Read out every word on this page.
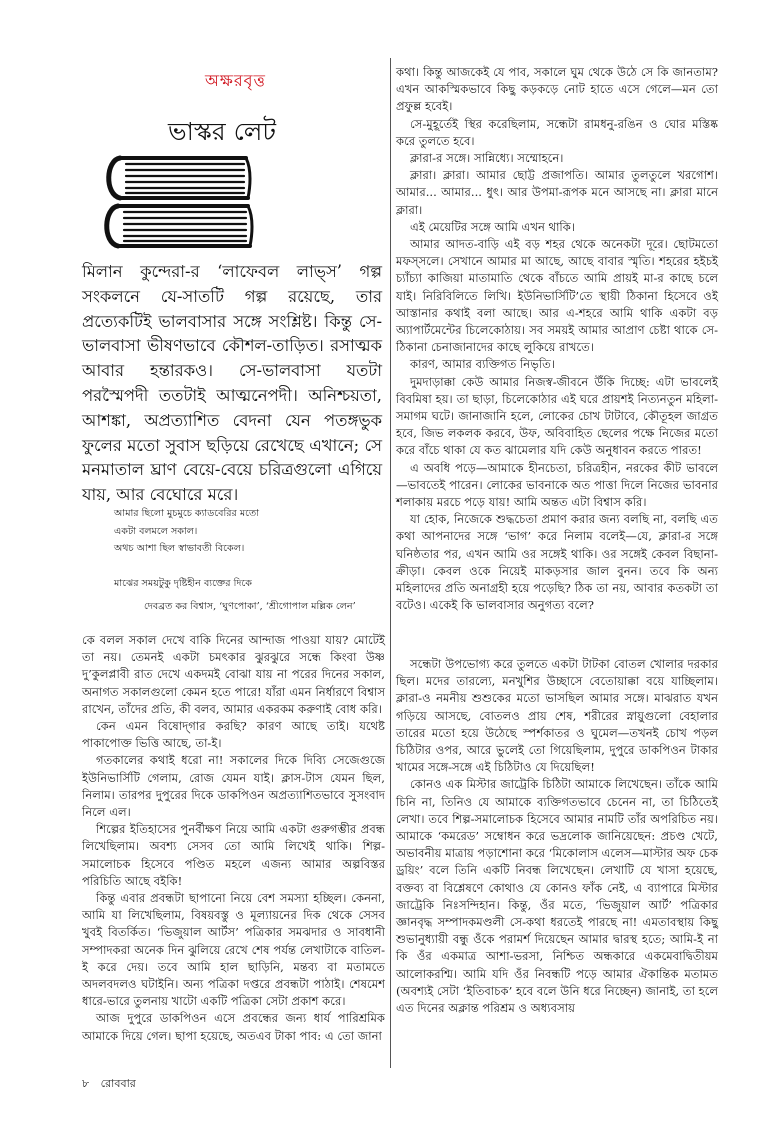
অক্ষরবৃত্ত
ভাস্কর লেট

মিলান কুন্দেরা-র ‘লাফেবল লাভ্‌স’ গল্প সংকলনে যে-সাতটি গল্প রয়েছে, তার প্রত্যেকটিই ভালবাসার সঙ্গে সংশ্লিষ্ট। কিন্তু সে-ভালবাসা ভীষণভাবে কৌশল-তাড়িত। রসাত্মক আবার হন্তারকও। সে-ভালবাসা যতটা পরস্মৈপদী ততটাই আত্মনেপদী। অনিশ্চয়তা, আশঙ্কা, অপ্রত্যাশিত বেদনা যেন পতঙ্গভুক ফুলের মতো সুবাস ছড়িয়ে রেখেছে এখানে; সে মনমাতাল ঘ্রাণ বেয়ে-বেয়ে চরিত্রগুলো এগিয়ে যায়, আর বেঘোরে মরে।

আমার ছিলো মুচমুচে ক্যাডবেরির মতো
একটা বলমলে সকাল।
অথচ আশা ছিল স্বাভাবতী বিকেল।
মাঝের সময়টুকু দৃষ্টিহীন ব্যক্তের দিকে
দেবব্রত কর বিশ্বাস, ‘ঘুণপোকা’, ‘শ্রীগোপাল মল্লিক লেন’

কে বলল সকাল দেখে বাকি দিনের আন্দাজ পাওয়া যায়? মোটেই তা নয়। তেমনই একটা চমৎকার ঝুরঝুরে সন্ধে কিংবা উষ্ণ দু’কুলপ্লাবী রাত দেখে একদমই বোঝা যায় না পরের দিনের সকাল, অনাগত সকালগুলো কেমন হতে পারে! যাঁরা এমন নির্ধারণে বিশ্বাস রাখেন, তাঁদের প্রতি, কী বলব, আমার একরকম করুণাই বোধ করি।

কেন এমন বিষোদ্‌গার করছি? কারণ আছে তাই। যথেষ্ট পাকাপোক্ত ভিত্তি আছে, তা-ই।

গতকালের কথাই ধরো না! সকালের দিকে দিব্যি সেজেগুজে ইউনিভার্সিটি গেলাম, রোজ যেমন যাই। ক্লাস-টাস যেমন ছিল, নিলাম। তারপর দুপুরের দিকে ডাকপিওন অপ্রত্যাশিতভাবে সুসংবাদ নিলে এল।

শিল্পের ইতিহাসের পুনর্বীক্ষণ নিয়ে আমি একটা গুরুগম্ভীর প্রবন্ধ লিখেছিলাম। অবশ্য সেসব তো আমি লিখেই থাকি। শিল্প-সমালোচক হিসেবে পণ্ডিত মহলে এজন্য আমার অল্পবিস্তর পরিচিতি আছে বইকি!

কিন্তু এবার প্রবন্ধটা ছাপানো নিয়ে বেশ সমস্যা হচ্ছিল। কেননা, আমি যা লিখেছিলাম, বিষয়বস্তু ও মূল্যায়নের দিক থেকে সেসব খুবই বিতর্কিত। ‘ভিজুয়াল আর্টস’ পত্রিকার সমঝদার ও সাবধানী সম্পাদকরা অনেক দিন ঝুলিয়ে রেখে শেষ পর্যন্ত লেখাটাকে বাতিল-ই করে দেয়। তবে আমি হাল ছাড়িনি, মন্তব্য বা মতামতে অদলবদলও ঘটাইনি। অন্য পত্রিকা দপ্তরে প্রবন্ধটা পাঠাই। শেষমেশ ধারে-ভারে তুলনায় খাটো একটি পত্রিকা সেটা প্রকাশ করে।

আজ দুপুরে ডাকপিওন এসে প্রবন্ধের জন্য ধার্য পারিশ্রমিক আমাকে দিয়ে গেল। ছাপা হয়েছে, অতএব টাকা পাব: এ তো জানা

কথা। কিন্তু আজকেই যে পাব, সকালে ঘুম থেকে উঠে সে কি জানতাম? এখন আকস্মিকভাবে কিছু কড়কড়ে নোট হাতে এসে গেলে—মন তো প্রফুল্ল হবেই।

সে-মুহূর্তেই স্থির করেছিলাম, সন্ধেটা রামধনু-রঙিন ও ঘোর মস্তিষ্ক করে তুলতে হবে।

ক্লারা-র সঙ্গে। সান্নিধ্যে। সম্মোহনে।

ক্লারা। ক্লারা। আমার ছোট্ট প্রজাপতি। আমার তুলতুলে খরগোশ। আমার... আমার... ধুৎ। আর উপমা-রূপক মনে আসছে না। ক্লারা মানে ক্লারা।

এই মেয়েটির সঙ্গে আমি এখন থাকি।

আমার আদত-বাড়ি এই বড় শহর থেকে অনেকটা দূরে। ছোটমতো মফস্‌সলে। সেখানে আমার মা আছে, আছে বাবার স্মৃতি। শহরের হইচই চ্যাঁচ্যা কাজিয়া মাতামাতি থেকে বাঁচতে আমি প্রায়ই মা-র কাছে চলে যাই। নিরিবিলিতে লিখি। ইউনিভার্সিটি’তে স্থায়ী ঠিকানা হিসেবে ওই আস্তানার কথাই বলা আছে। আর এ-শহরে আমি থাকি একটা বড় অ্যাপার্টমেন্টের চিলেকোঠায়। সব সময়ই আমার আপ্রাণ চেষ্টা থাকে সে-ঠিকানা চেনাজানাদের কাছে লুকিয়ে রাখতে।

কারণ, আমার ব্যক্তিগত নিভৃতি।

দুমদাড়াক্কা কেউ আমার নিজস্ব-জীবনে উঁকি দিচ্ছে: এটা ভাবলেই বিবমিষা হয়। তা ছাড়া, চিলেকোঠার এই ঘরে প্রায়শই নিত্যনতুন মহিলা-সমাগম ঘটে। জানাজানি হলে, লোকের চোখ টাটাবে, কৌতূহল জাগ্রত হবে, জিভ লকলক করবে, উফ, অবিবাহিত ছেলের পক্ষে নিজের মতো করে বাঁচে থাকা যে কত ঝামেলার যদি কেউ অনুধাবন করতে পারত!

এ অবধি পড়ে—আমাকে হীনচেতা, চরিত্রহীন, নরকের কীট ভাবলে—ভাবতেই পারেন। লোকের ভাবনাকে অত পাত্তা দিলে নিজের ভাবনার শলাকায় মরচে পড়ে যায়! আমি অন্তত এটা বিশ্বাস করি।

যা হোক, নিজেকে শুদ্ধচেতা প্রমাণ করার জন্য বলছি না, বলছি এত কথা আপনাদের সঙ্গে ‘ভাগ’ করে নিলাম বলেই—যে, ক্লারা-র সঙ্গে ঘনিষ্ঠতার পর, এখন আমি ওর সঙ্গেই থাকি। ওর সঙ্গেই কেবল বিছানা-ক্রীড়া। কেবল ওকে নিয়েই মাকড়সার জাল বুনন। তবে কি অন্য মহিলাদের প্রতি অনাগ্রহী হয়ে পড়েছি? ঠিক তা নয়, আবার কতকটা তা বটেও। একেই কি ভালবাসার অনুগত্য বলে?

সন্ধেটা উপভোগ্য করে তুলতে একটা টাটকা বোতল খোলার দরকার ছিল। মদের তারল্যে, মনখুশির উচ্ছাসে বেতোয়াক্কা বয়ে যাচ্ছিলাম। ক্লারা-ও নমনীয় শুশুকের মতো ভাসছিল আমার সঙ্গে। মাঝরাত যখন গড়িয়ে আসছে, বোতলও প্রায় শেষ, শরীরের স্নায়ুগুলো বেহালার তারের মতো হয়ে উঠেছে স্পর্শকাতর ও ঘুমেল—তখনই চোখ পড়ল চিঠিটার ওপর, আরে ভুলেই তো গিয়েছিলাম, দুপুরে ডাকপিওন টাকার খামের সঙ্গে-সঙ্গে এই চিঠিটাও যে দিয়েছিল!

কোনও এক মিস্টার জাট্রেকি চিঠিটা আমাকে লিখেছেন। তাঁকে আমি চিনি না, তিনিও যে আমাকে ব্যক্তিগতভাবে চেনেন না, তা চিঠিতেই লেখা। তবে শিল্প-সমালোচক হিসেবে আমার নামটি তাঁর অপরিচিত নয়। আমাকে ‘কমরেড’ সম্বোধন করে ভদ্রলোক জানিয়েছেন: প্রচণ্ড খেটে, অভাবনীয় মাত্রায় পড়াশোনা করে ‘মিকোলাস এলেস—মাস্টার অফ চেক ড্রয়িং’ বলে তিনি একটি নিবন্ধ লিখেছেন। লেখাটি যে খাসা হয়েছে, বক্তব্য বা বিশ্লেষণে কোথাও যে কোনও ফাঁক নেই, এ ব্যাপারে মিস্টার জাট্রেকি নিঃসন্দিহান। কিন্তু, ওঁর মতে, ‘ভিজুয়াল আর্ট’ পত্রিকার জ্ঞানবৃদ্ধ সম্পাদকমণ্ডলী সে-কথা ধরতেই পারছে না! এমতাবস্থায় কিছু শুভানুধ্যায়ী বন্ধু ওঁকে পরামর্শ দিয়েছেন আমার দ্বারস্থ হতে; আমি-ই না কি ওঁর একমাত্র আশা-ভরসা, নিশ্চিত অন্ধকারে একমেবাদ্বিতীয়ম আলোকরশ্মি। আমি যদি ওঁর নিবন্ধটি পড়ে আমার ঐকান্তিক মতামত (অবশ্যই সেটা ‘ইতিবাচক’ হবে বলে উনি ধরে নিচ্ছেন) জানাই, তা হলে এত দিনের অক্লান্ত পরিশ্রম ও অধ্যবসায়

৮ রোববার
